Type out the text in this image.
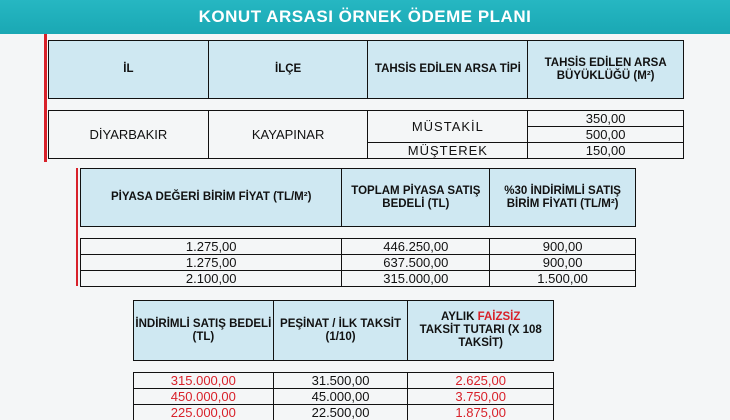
KONUT ARSASI ÖRNEK ÖDEME PLANI
İL	İLÇE	TAHSİS EDİLEN ARSA TİPİ	TAHSİS EDİLEN ARSA BÜYÜKLÜĞÜ (M²)

DİYARBAKIR	KAYAPINAR	MÜSTAKİL	350,00
			500,00
		MÜŞTEREK	150,00
PİYASA DEĞERİ BİRİM FİYAT (TL/M²)	TOPLAM PİYASA SATIŞ BEDELİ (TL)	%30 İNDİRİMLİ SATIŞ BİRİM FİYATI (TL/M²)

1.275,00	446.250,00	900,00
1.275,00	637.500,00	900,00
2.100,00	315.000,00	1.500,00
İNDİRİMLİ SATIŞ BEDELİ (TL)	PEŞİNAT / İLK TAKSİT (1/10)	AYLIK FAİZSİZ
TAKSİT TUTARI (X 108 TAKSİT)

315.000,00	31.500,00	2.625,00
450.000,00	45.000,00	3.750,00
225.000,00	22.500,00	1.875,00
